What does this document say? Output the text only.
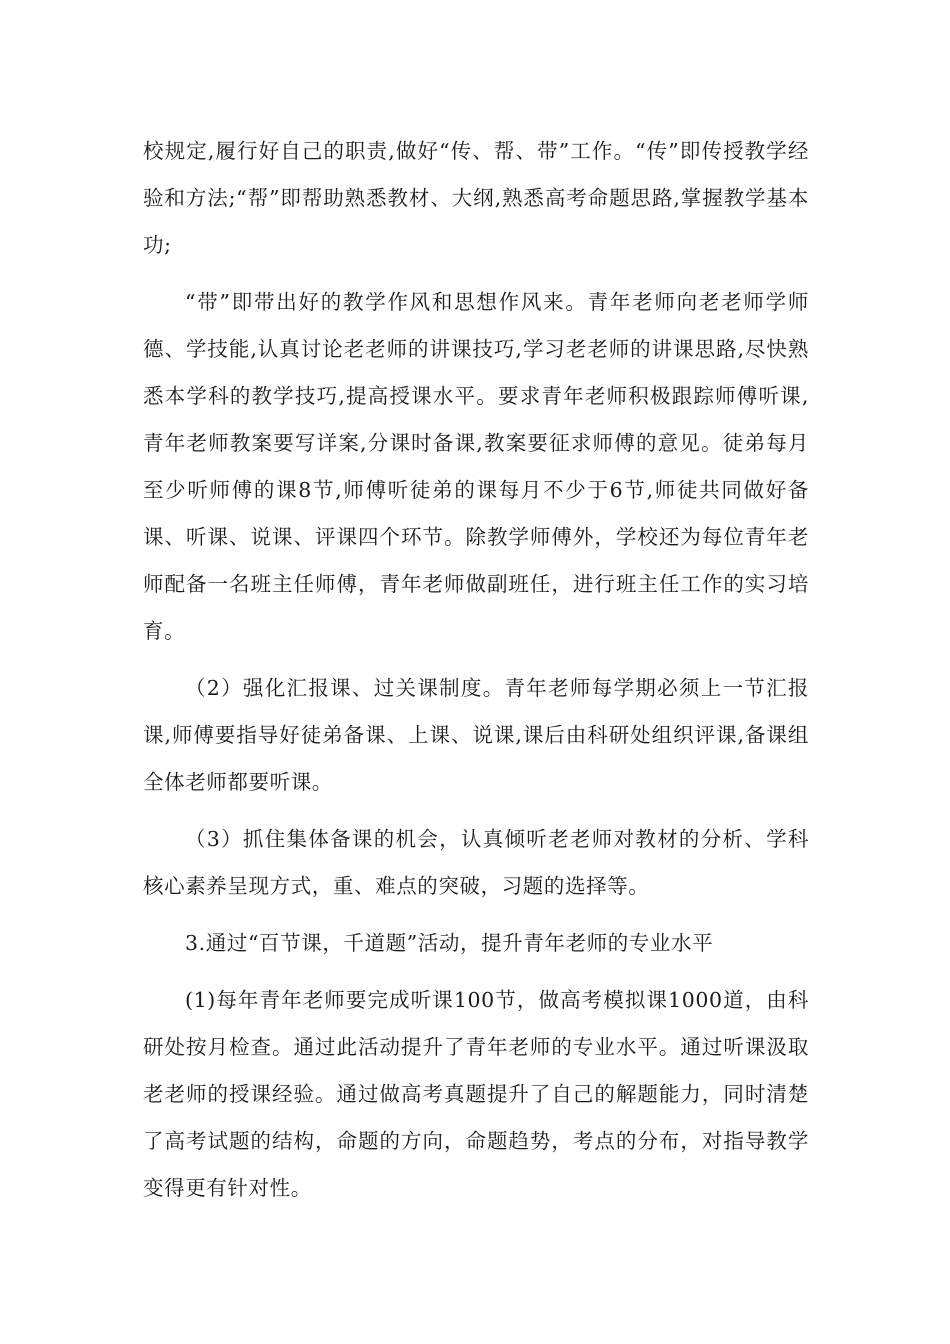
校规定,履行好自己的职责,做好“传、帮、带”工作。“传”即传授教学经验和方法;“帮”即帮助熟悉教材、大纲,熟悉高考命题思路,掌握教学基本功;

“带”即带出好的教学作风和思想作风来。青年老师向老老师学师德、学技能,认真讨论老老师的讲课技巧,学习老老师的讲课思路,尽快熟悉本学科的教学技巧,提高授课水平。要求青年老师积极跟踪师傅听课,青年老师教案要写详案,分课时备课,教案要征求师傅的意见。徒弟每月至少听师傅的课8节,师傅听徒弟的课每月不少于6节,师徒共同做好备课、听课、说课、评课四个环节。除教学师傅外，学校还为每位青年老师配备一名班主任师傅，青年老师做副班任，进行班主任工作的实习培育。

（2）强化汇报课、过关课制度。青年老师每学期必须上一节汇报课,师傅要指导好徒弟备课、上课、说课,课后由科研处组织评课,备课组全体老师都要听课。

（3）抓住集体备课的机会，认真倾听老老师对教材的分析、学科核心素养呈现方式，重、难点的突破，习题的选择等。

3.通过“百节课，千道题”活动，提升青年老师的专业水平

(1)每年青年老师要完成听课100节，做高考模拟课1000道，由科研处按月检查。通过此活动提升了青年老师的专业水平。通过听课汲取老老师的授课经验。通过做高考真题提升了自己的解题能力，同时清楚了高考试题的结构，命题的方向，命题趋势，考点的分布，对指导教学变得更有针对性。
